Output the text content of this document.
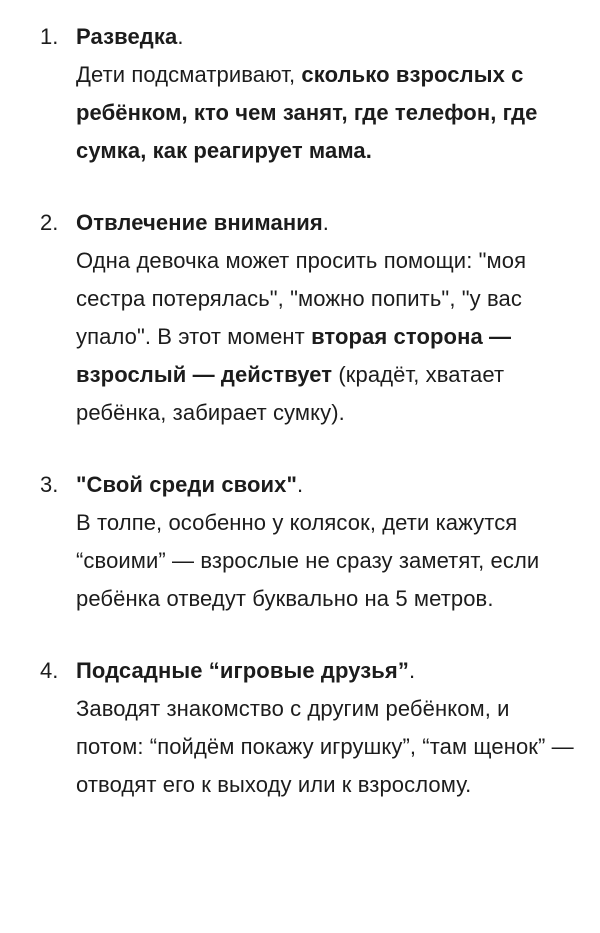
1. Разведка.
Дети подсматривают, сколько взрослых с ребёнком, кто чем занят, где телефон, где сумка, как реагирует мама.
2. Отвлечение внимания.
Одна девочка может просить помощи: "моя сестра потерялась", "можно попить", "у вас упало". В этот момент вторая сторона — взрослый — действует (крадёт, хватает ребёнка, забирает сумку).
3. "Свой среди своих".
В толпе, особенно у колясок, дети кажутся “своими” — взрослые не сразу заметят, если ребёнка отведут буквально на 5 метров.
4. Подсадные “игровые друзья”.
Заводят знакомство с другим ребёнком, и потом: “пойдём покажу игрушку”, “там щенок” — отводят его к выходу или к взрослому.
